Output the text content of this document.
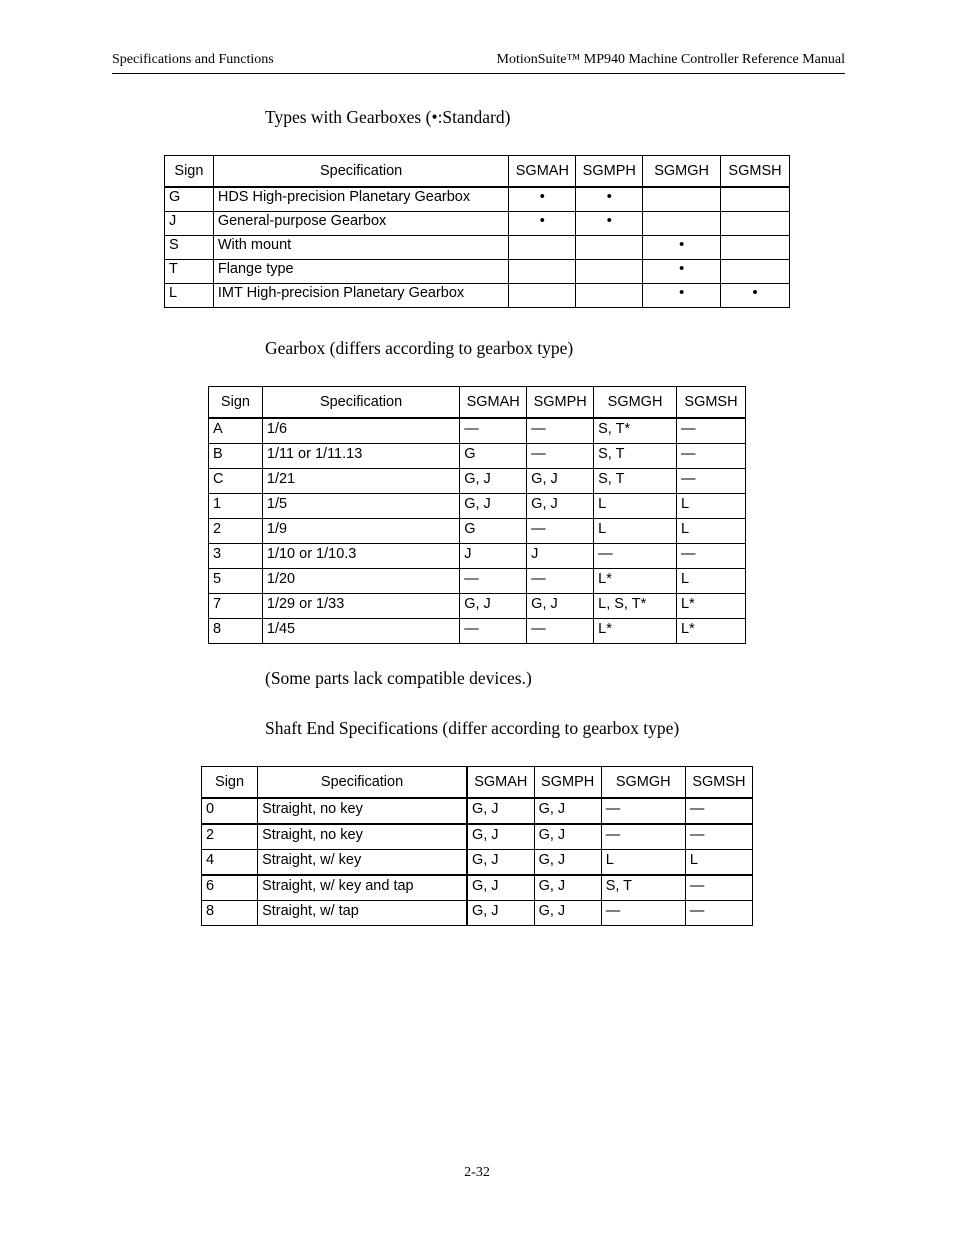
Specifications and Functions	MotionSuite™ MP940 Machine Controller Reference Manual
Types with Gearboxes (•:Standard)
Sign	Specification	SGMAH	SGMPH	SGMGH	SGMSH
G	HDS High-precision Planetary Gearbox	•	•		
J	General-purpose Gearbox	•	•		
S	With mount			•	
T	Flange type			•	
L	IMT High-precision Planetary Gearbox			•	•
Gearbox (differs according to gearbox type)
Sign	Specification	SGMAH	SGMPH	SGMGH	SGMSH
A	1/6	—	—	S, T*	—
B	1/11 or 1/11.13	G	—	S, T	—
C	1/21	G, J	G, J	S, T	—
1	1/5	G, J	G, J	L	L
2	1/9	G	—	L	L
3	1/10 or 1/10.3	J	J	—	—
5	1/20	—	—	L*	L
7	1/29 or 1/33	G, J	G, J	L, S, T*	L*
8	1/45	—	—	L*	L*
(Some parts lack compatible devices.)
Shaft End Specifications (differ according to gearbox type)
Sign	Specification	SGMAH	SGMPH	SGMGH	SGMSH
0	Straight, no key	G, J	G, J	—	—
2	Straight, no key	G, J	G, J	—	—
4	Straight, w/ key	G, J	G, J	L	L
6	Straight, w/ key and tap	G, J	G, J	S, T	—
8	Straight, w/ tap	G, J	G, J	—	—
2-32
